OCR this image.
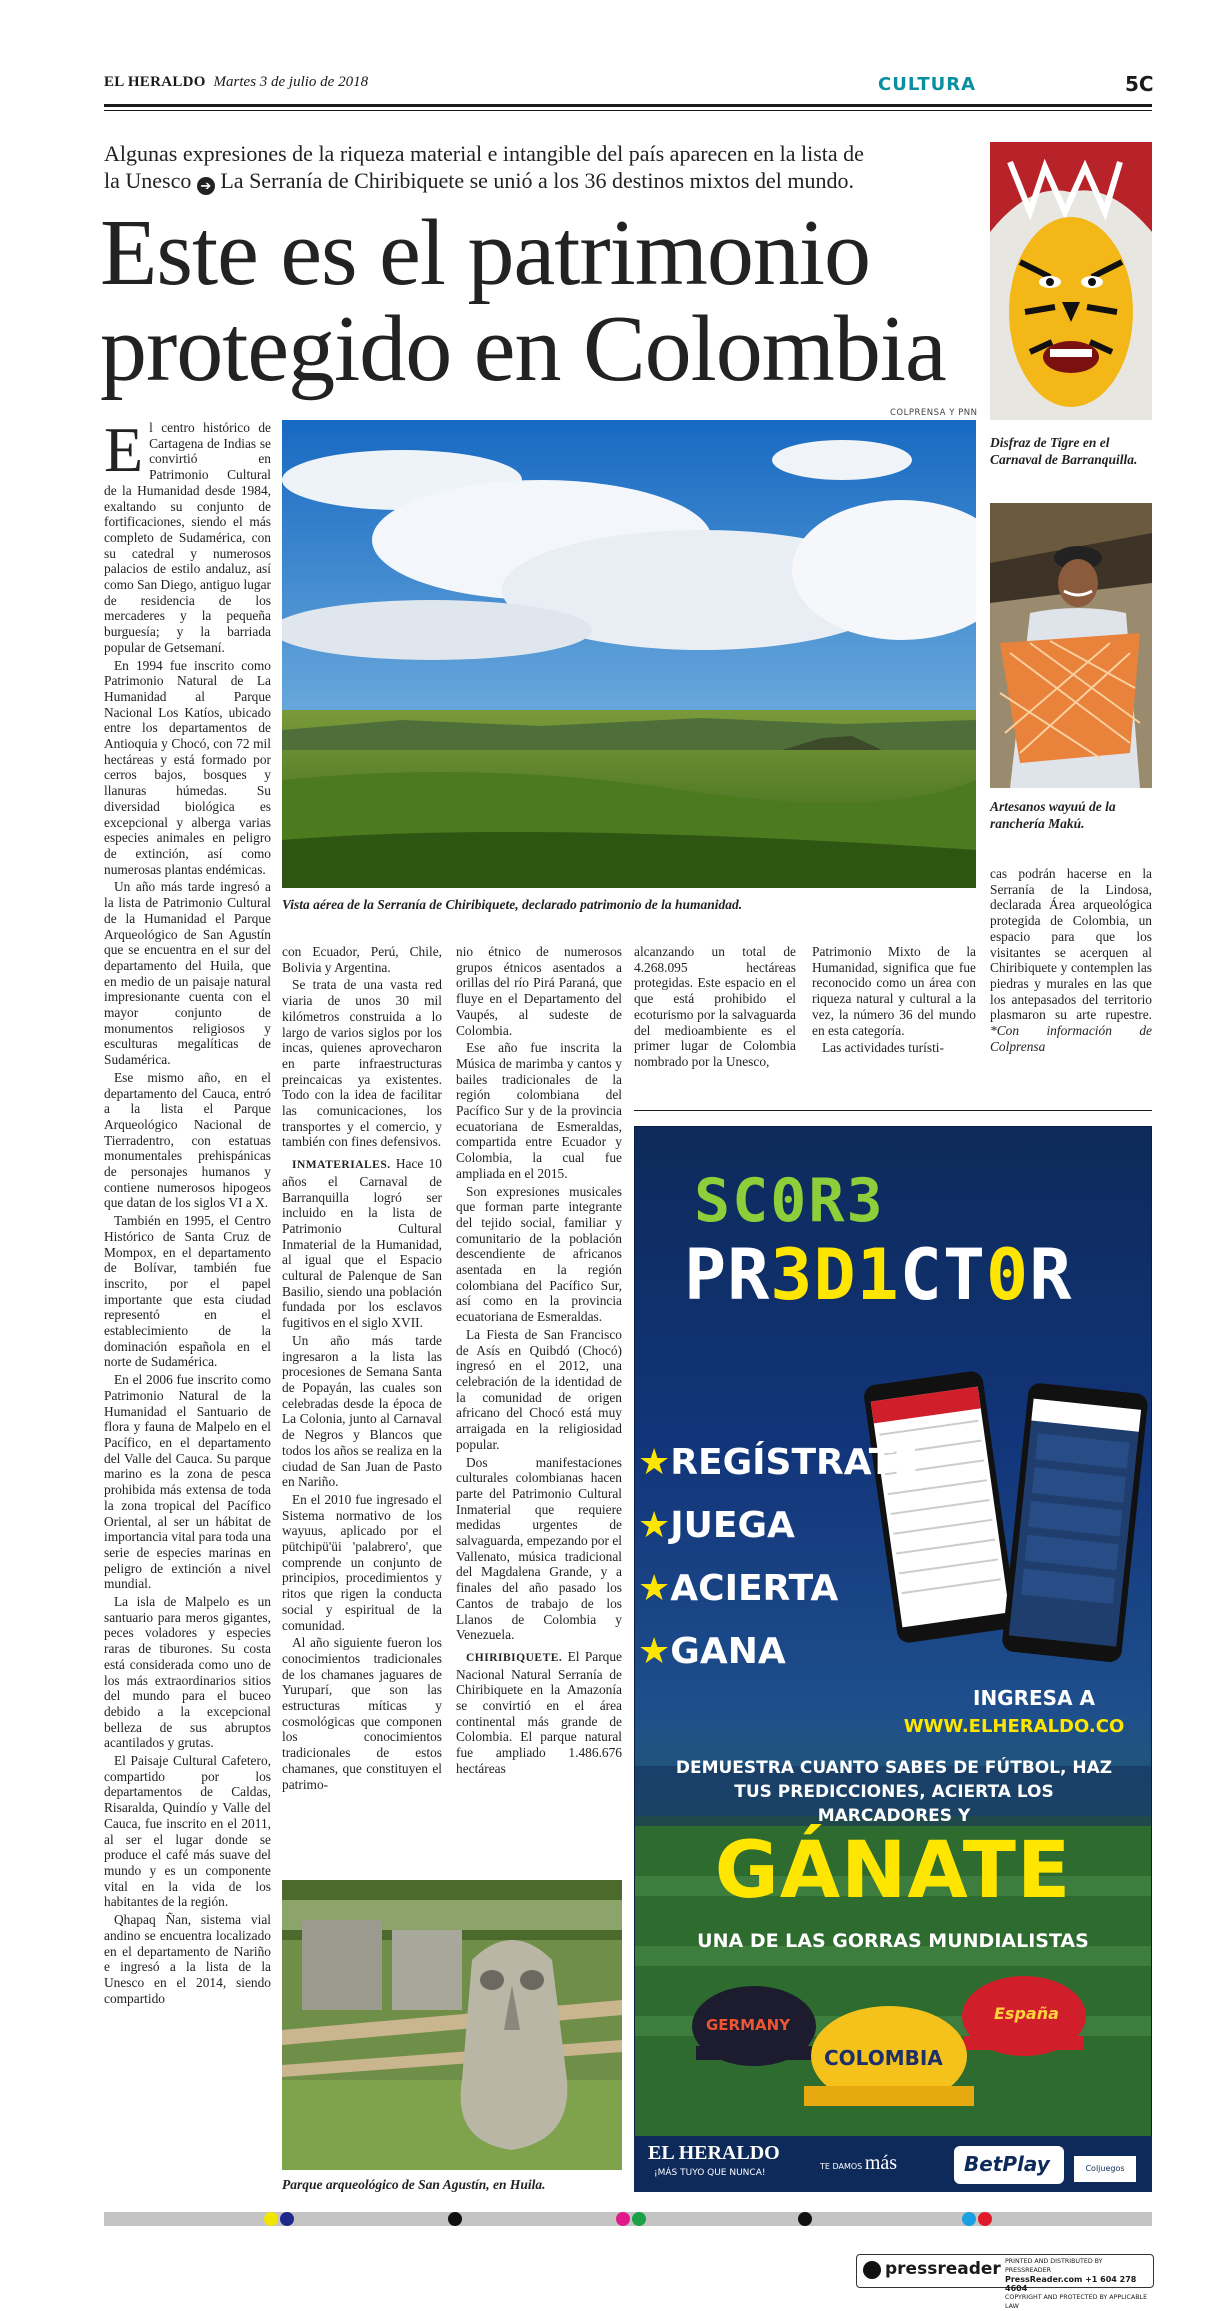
EL HERALDO Martes 3 de julio de 2018	CULTURA	5C
Algunas expresiones de la riqueza material e intangible del país aparecen en la lista de
la Unesco ➔ La Serranía de Chiribiquete se unió a los 36 destinos mixtos del mundo.
Este es el patrimonio
protegido en Colombia
Disfraz de Tigre en el Carnaval de Barranquilla.
Artesanos wayuú de la ranchería Makú.
COLPRENSA Y PNN
Vista aérea de la Serranía de Chiribiquete, declarado patrimonio de la humanidad.
E l centro histórico de Cartagena de Indias se convirtió en Patrimonio Cultural de la Humanidad desde 1984, exaltando su conjunto de fortificaciones, siendo el más completo de Sudamérica, con su catedral y numerosos palacios de estilo andaluz, así como San Diego, antiguo lugar de residencia de los mercaderes y la pequeña burguesía; y la barriada popular de Getsemaní.

En 1994 fue inscrito como Patrimonio Natural de La Humanidad al Parque Nacional Los Katíos, ubicado entre los departamentos de Antioquia y Chocó, con 72 mil hectáreas y está formado por cerros bajos, bosques y llanuras húmedas. Su diversidad biológica es excepcional y alberga varias especies animales en peligro de extinción, así como numerosas plantas endémicas.

Un año más tarde ingresó a la lista de Patrimonio Cultural de la Humanidad el Parque Arqueológico de San Agustín que se encuentra en el sur del departamento del Huila, que en medio de un paisaje natural impresionante cuenta con el mayor conjunto de monumentos religiosos y esculturas megalíticas de Sudamérica.

Ese mismo año, en el departamento del Cauca, entró a la lista el Parque Arqueológico Nacional de Tierradentro, con estatuas monumentales prehispánicas de personajes humanos y contiene numerosos hipogeos que datan de los siglos VI a X.

También en 1995, el Centro Histórico de Santa Cruz de Mompox, en el departamento de Bolívar, también fue inscrito, por el papel importante que esta ciudad representó en el establecimiento de la dominación española en el norte de Sudamérica.

En el 2006 fue inscrito como Patrimonio Natural de la Humanidad el Santuario de flora y fauna de Malpelo en el Pacífico, en el departamento del Valle del Cauca. Su parque marino es la zona de pesca prohibida más extensa de toda la zona tropical del Pacífico Oriental, al ser un hábitat de importancia vital para toda una serie de especies marinas en peligro de extinción a nivel mundial.

La isla de Malpelo es un santuario para meros gigantes, peces voladores y especies raras de tiburones. Su costa está considerada como uno de los más extraordinarios sitios del mundo para el buceo debido a la excepcional belleza de sus abruptos acantilados y grutas.

El Paisaje Cultural Cafetero, compartido por los departamentos de Caldas, Risaralda, Quindío y Valle del Cauca, fue inscrito en el 2011, al ser el lugar donde se produce el café más suave del mundo y es un componente vital en la vida de los habitantes de la región.

Qhapaq Ñan, sistema vial andino se encuentra localizado en el departamento de Nariño e ingresó a la lista de la Unesco en el 2014, siendo compartido

con Ecuador, Perú, Chile, Bolivia y Argentina.

Se trata de una vasta red viaria de unos 30 mil kilómetros construida a lo largo de varios siglos por los incas, quienes aprovecharon en parte infraestructuras preincaicas ya existentes. Todo con la idea de facilitar las comunicaciones, los transportes y el comercio, y también con fines defensivos.

INMATERIALES. Hace 10 años el Carnaval de Barranquilla logró ser incluido en la lista de Patrimonio Cultural Inmaterial de la Humanidad, al igual que el Espacio cultural de Palenque de San Basilio, siendo una población fundada por los esclavos fugitivos en el siglo XVII.

Un año más tarde ingresaron a la lista las procesiones de Semana Santa de Popayán, las cuales son celebradas desde la época de La Colonia, junto al Carnaval de Negros y Blancos que todos los años se realiza en la ciudad de San Juan de Pasto en Nariño.

En el 2010 fue ingresado el Sistema normativo de los wayuus, aplicado por el pütchipü'üi 'palabrero', que comprende un conjunto de principios, procedimientos y ritos que rigen la conducta social y espiritual de la comunidad.

Al año siguiente fueron los conocimientos tradicionales de los chamanes jaguares de Yuruparí, que son las estructuras míticas y cosmológicas que componen los conocimientos tradicionales de estos chamanes, que constituyen el patrimo-

nio étnico de numerosos grupos étnicos asentados a orillas del río Pirá Paraná, que fluye en el Departamento del Vaupés, al sudeste de Colombia.

Ese año fue inscrita la Música de marimba y cantos y bailes tradicionales de la región colombiana del Pacífico Sur y de la provincia ecuatoriana de Esmeraldas, compartida entre Ecuador y Colombia, la cual fue ampliada en el 2015.

Son expresiones musicales que forman parte integrante del tejido social, familiar y comunitario de la población descendiente de africanos asentada en la región colombiana del Pacífico Sur, así como en la provincia ecuatoriana de Esmeraldas.

La Fiesta de San Francisco de Asís en Quibdó (Chocó) ingresó en el 2012, una celebración de la identidad de la comunidad de origen africano del Chocó está muy arraigada en la religiosidad popular.

Dos manifestaciones culturales colombianas hacen parte del Patrimonio Cultural Inmaterial que requiere medidas urgentes de salvaguarda, empezando por el Vallenato, música tradicional del Magdalena Grande, y a finales del año pasado los Cantos de trabajo de los Llanos de Colombia y Venezuela.

CHIRIBIQUETE. El Parque Nacional Natural Serranía de Chiribiquete en la Amazonía se convirtió en el área continental más grande de Colombia. El parque natural fue ampliado 1.486.676 hectáreas

alcanzando un total de 4.268.095 hectáreas protegidas. Este espacio en el que está prohibido el ecoturismo por la salvaguarda del medioambiente es el primer lugar de Colombia nombrado por la Unesco,

Patrimonio Mixto de la Humanidad, significa que fue reconocido como un área con riqueza natural y cultural a la vez, la número 36 del mundo en esta categoría.

Las actividades turísti-

cas podrán hacerse en la Serranía de la Lindosa, declarada Área arqueológica protegida de Colombia, un espacio para que los visitantes se acerquen al Chiribiquete y contemplen las piedras y murales en las que los antepasados del territorio plasmaron su arte rupestre. *Con información de Colprensa

Parque arqueológico de San Agustín, en Huila.
SC0R3
PR3D1CT0R
★REGÍSTRATE
★JUEGA
★ACIERTA
★GANA
INGRESA A
WWW.ELHERALDO.CO
DEMUESTRA CUANTO SABES DE FÚTBOL, HAZ TUS PREDICCIONES, ACIERTA LOS MARCADORES Y
GÁNATE
UNA DE LAS GORRAS MUNDIALISTAS
GERMANY
España
COLOMBIA
EL HERALDO
¡MÁS TUYO QUE NUNCA!
TE DAMOS más	BetPlay	Coljuegos
pressreader PRINTED AND DISTRIBUTED BY PRESSREADER
PressReader.com +1 604 278 4604
COPYRIGHT AND PROTECTED BY APPLICABLE LAW
